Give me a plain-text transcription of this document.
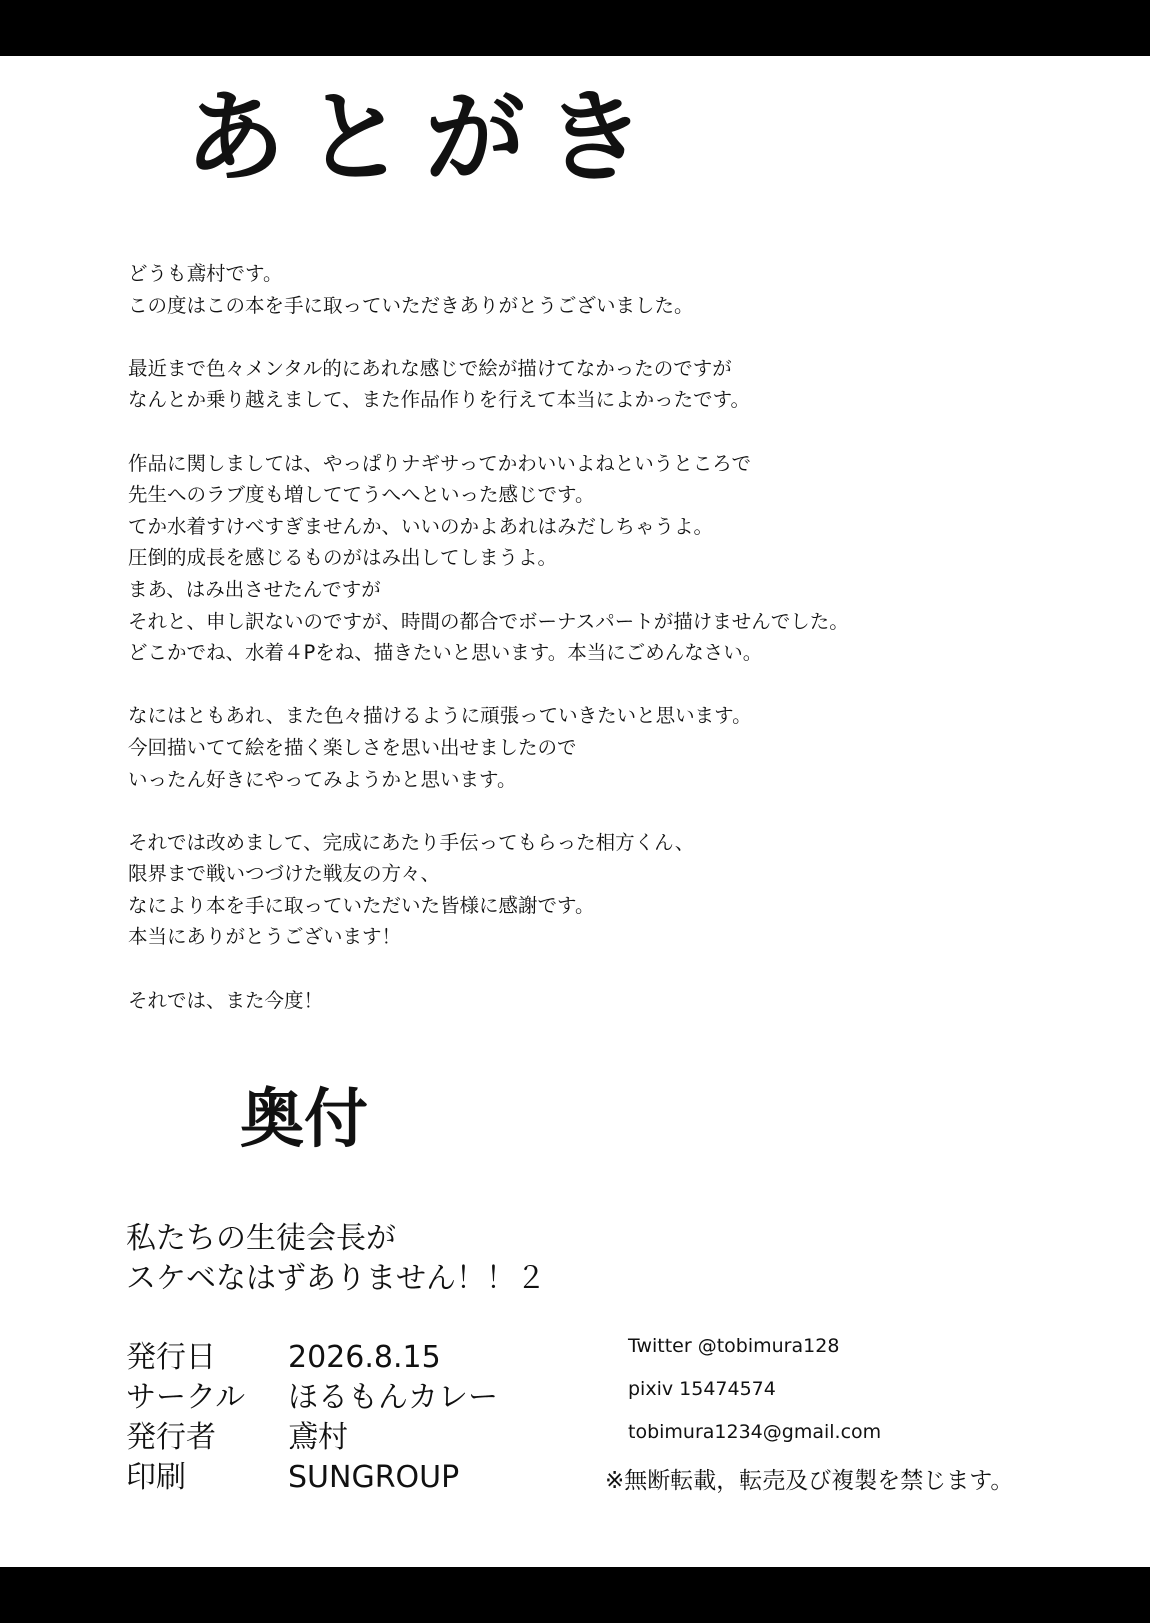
あとがき
どうも鳶村です。
この度はこの本を手に取っていただきありがとうございました。
最近まで色々メンタル的にあれな感じで絵が描けてなかったのですが
なんとか乗り越えまして、また作品作りを行えて本当によかったです。
作品に関しましては、やっぱりナギサってかわいいよねというところで
先生へのラブ度も増しててうへへといった感じです。
てか水着すけべすぎませんか、いいのかよあれはみだしちゃうよ。
圧倒的成長を感じるものがはみ出してしまうよ。
まあ、はみ出させたんですが
それと、申し訳ないのですが、時間の都合でボーナスパートが描けませんでした。
どこかでね、水着４Pをね、描きたいと思います。本当にごめんなさい。
なにはともあれ、また色々描けるように頑張っていきたいと思います。
今回描いてて絵を描く楽しさを思い出せましたので
いったん好きにやってみようかと思います。
それでは改めまして、完成にあたり手伝ってもらった相方くん、
限界まで戦いつづけた戦友の方々、
なにより本を手に取っていただいた皆様に感謝です。
本当にありがとうございます！
それでは、また今度！
奥付
私たちの生徒会長が
スケベなはずありません！！２
発行日	2026.8.15
サークル	ほるもんカレー
発行者	鳶村
印刷	SUNGROUP
Twitter @tobimura128
pixiv 15474574
tobimura1234@gmail.com
※無断転載，転売及び複製を禁じます。
